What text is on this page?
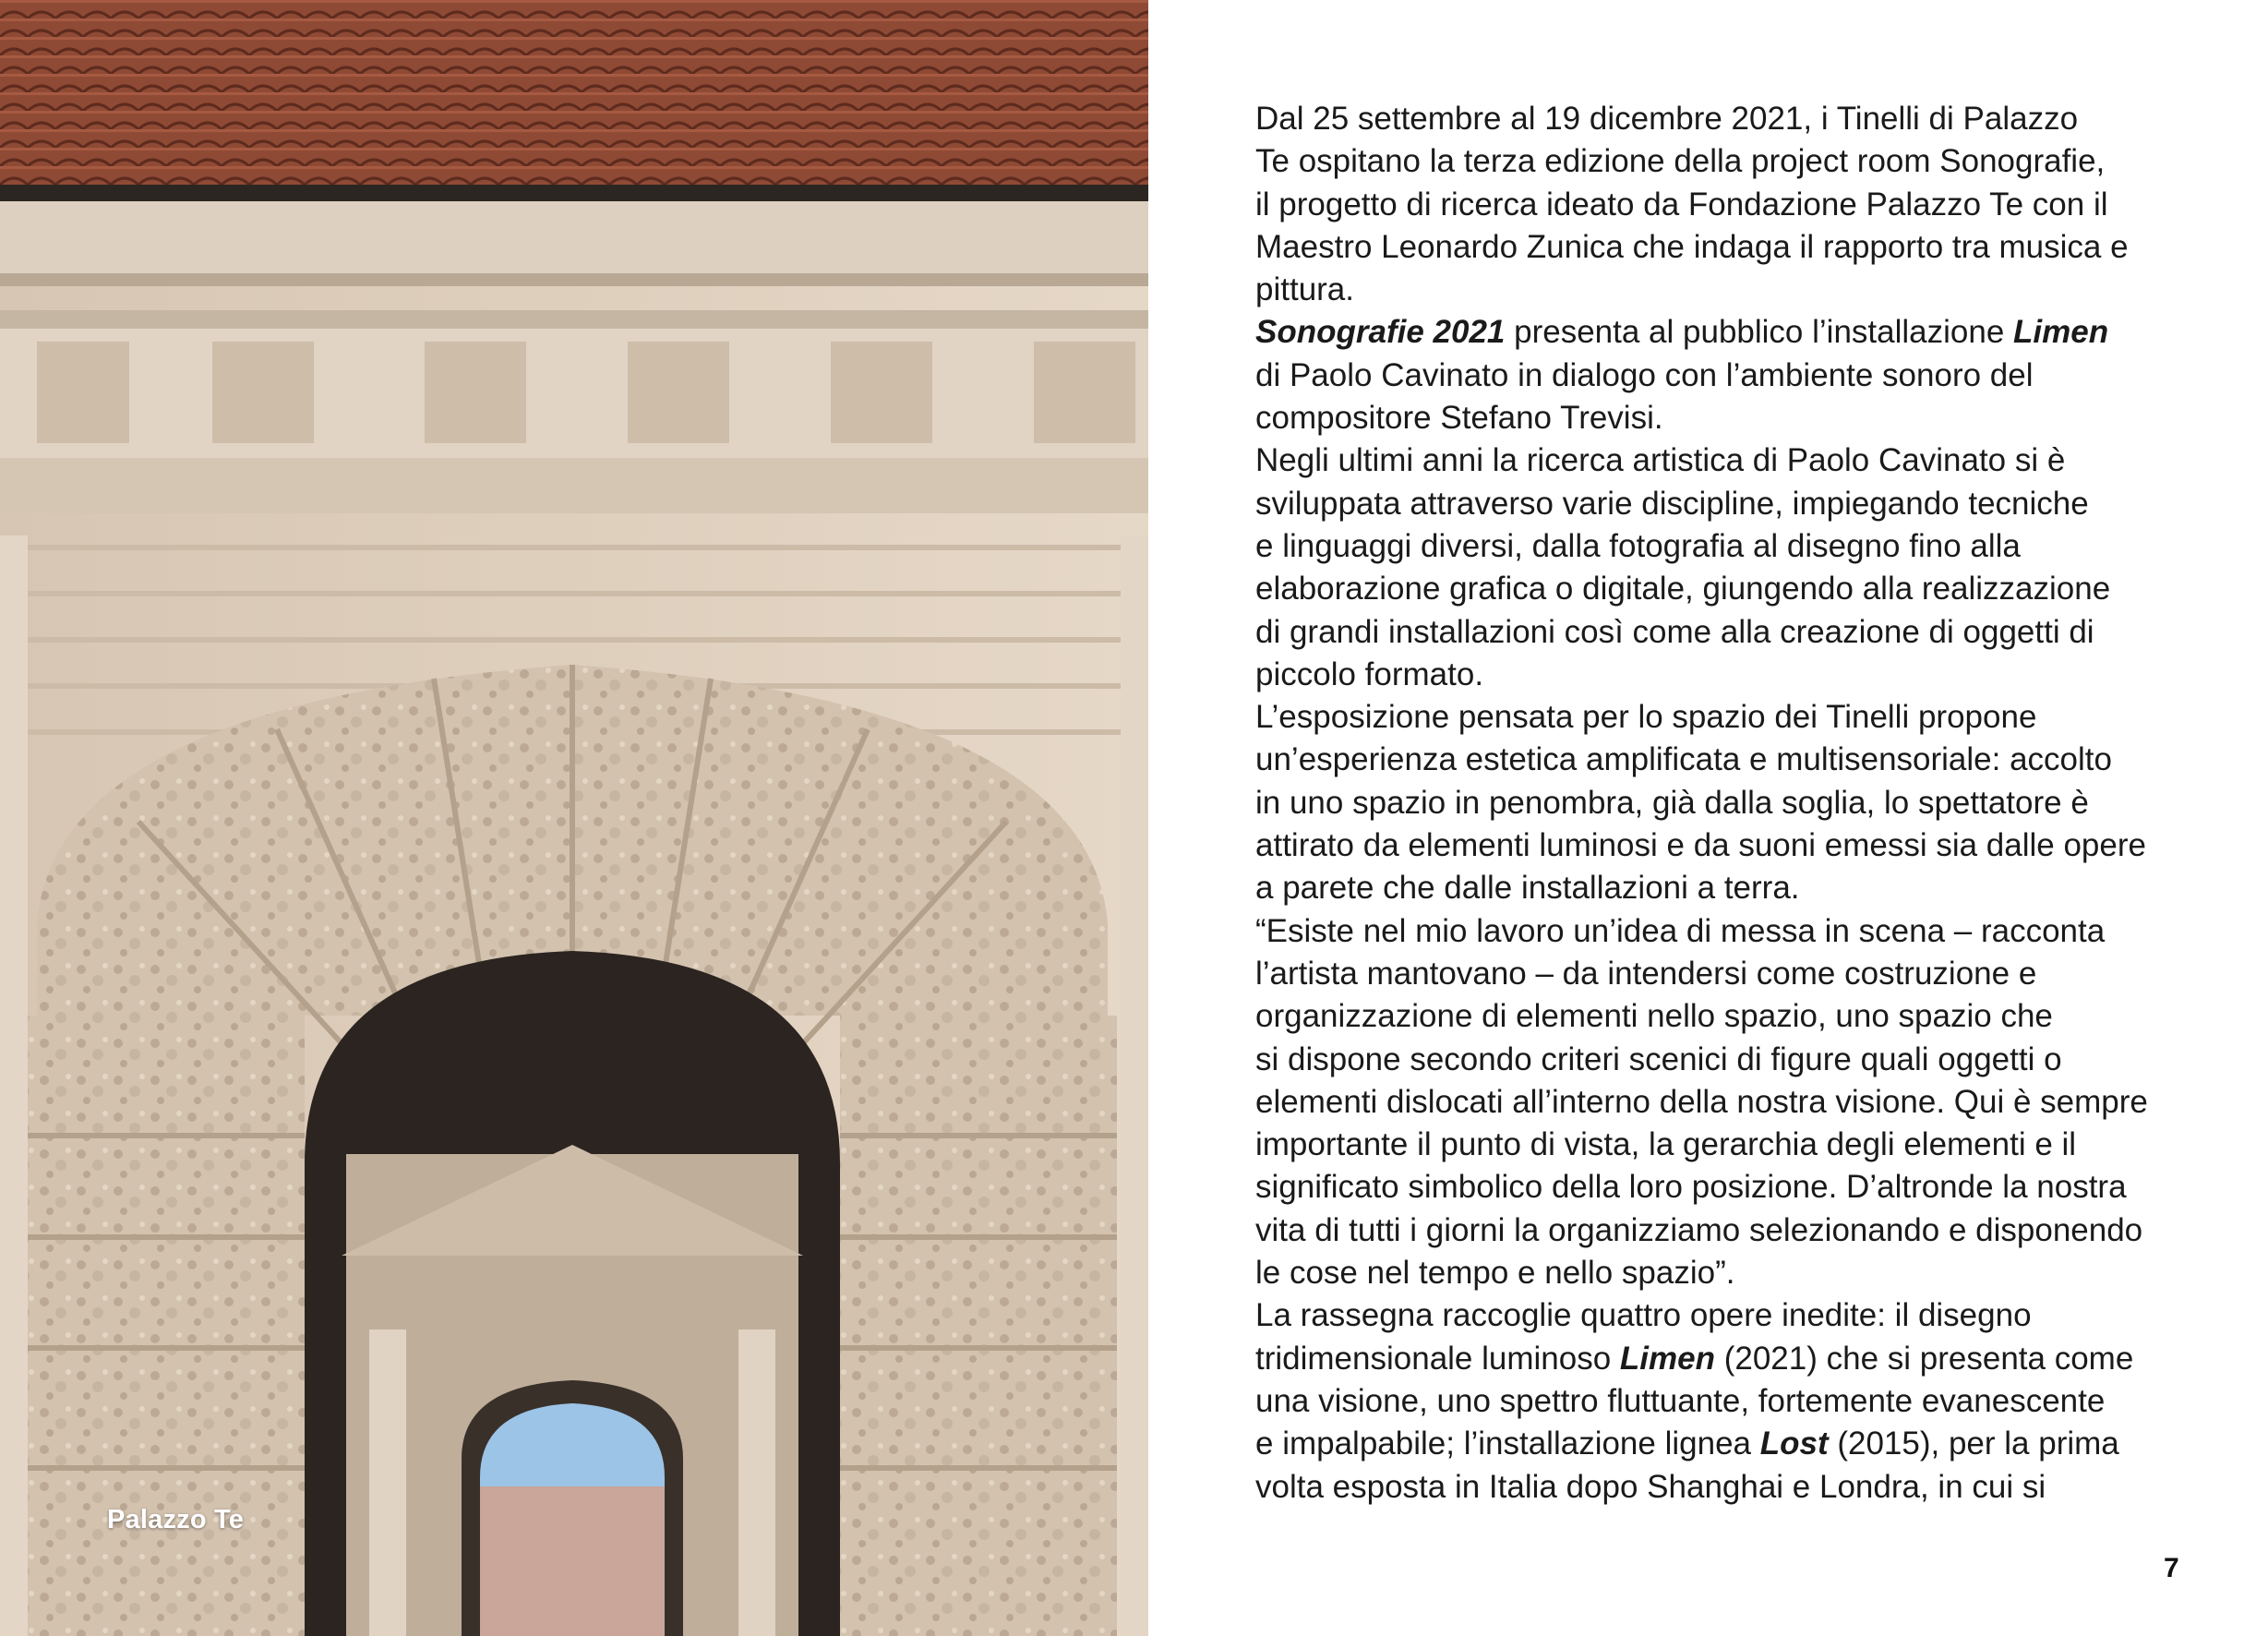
Palazzo Te
Dal 25 settembre al 19 dicembre 2021, i Tinelli di Palazzo
Te ospitano la terza edizione della project room Sonografie,
il progetto di ricerca ideato da Fondazione Palazzo Te con il
Maestro Leonardo Zunica che indaga il rapporto tra musica e
pittura.
Sonografie 2021 presenta al pubblico l’installazione Limen
di Paolo Cavinato in dialogo con l’ambiente sonoro del
compositore Stefano Trevisi.
Negli ultimi anni la ricerca artistica di Paolo Cavinato si è
sviluppata attraverso varie discipline, impiegando tecniche
e linguaggi diversi, dalla fotografia al disegno fino alla
elaborazione grafica o digitale, giungendo alla realizzazione
di grandi installazioni così come alla creazione di oggetti di
piccolo formato.
L’esposizione pensata per lo spazio dei Tinelli propone
un’esperienza estetica amplificata e multisensoriale: accolto
in uno spazio in penombra, già dalla soglia, lo spettatore è
attirato da elementi luminosi e da suoni emessi sia dalle opere
a parete che dalle installazioni a terra.
“Esiste nel mio lavoro un’idea di messa in scena – racconta
l’artista mantovano – da intendersi come costruzione e
organizzazione di elementi nello spazio, uno spazio che
si dispone secondo criteri scenici di figure quali oggetti o
elementi dislocati all’interno della nostra visione. Qui è sempre
importante il punto di vista, la gerarchia degli elementi e il
significato simbolico della loro posizione. D’altronde la nostra
vita di tutti i giorni la organizziamo selezionando e disponendo
le cose nel tempo e nello spazio”.
La rassegna raccoglie quattro opere inedite: il disegno
tridimensionale luminoso Limen (2021) che si presenta come
una visione, uno spettro fluttuante, fortemente evanescente
e impalpabile; l’installazione lignea Lost (2015), per la prima
volta esposta in Italia dopo Shanghai e Londra, in cui si
7
